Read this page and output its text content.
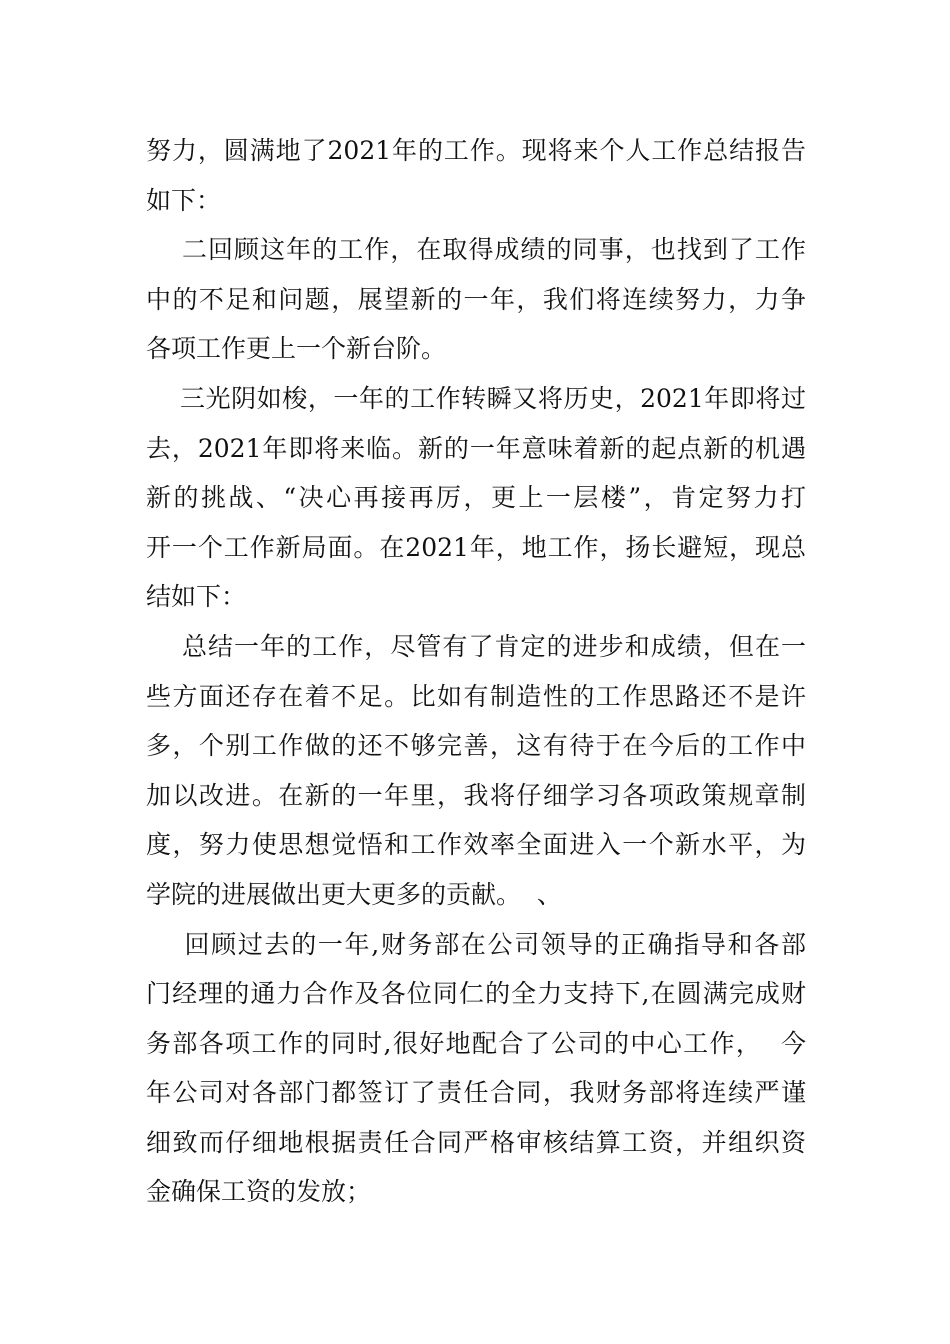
努力，圆满地了2021年的工作。现将来个人工作总结报告
如下：
二回顾这年的工作，在取得成绩的同事，也找到了工作
中的不足和问题，展望新的一年，我们将连续努力，力争
各项工作更上一个新台阶。
三光阴如梭，一年的工作转瞬又将历史，2021年即将过
去，2021年即将来临。新的一年意味着新的起点新的机遇
新的挑战、“决心再接再厉，更上一层楼”，肯定努力打
开一个工作新局面。在2021年，地工作，扬长避短，现总
结如下：
总结一年的工作，尽管有了肯定的进步和成绩，但在一
些方面还存在着不足。比如有制造性的工作思路还不是许
多，个别工作做的还不够完善，这有待于在今后的工作中
加以改进。在新的一年里，我将仔细学习各项政策规章制
度，努力使思想觉悟和工作效率全面进入一个新水平，为
学院的进展做出更大更多的贡献。  、
回顾过去的一年,财务部在公司领导的正确指导和各部
门经理的通力合作及各位同仁的全力支持下,在圆满完成财
务部各项工作的同时,很好地配合了公司的中心工作，  今
年公司对各部门都签订了责任合同，我财务部将连续严谨
细致而仔细地根据责任合同严格审核结算工资，并组织资
金确保工资的发放；
